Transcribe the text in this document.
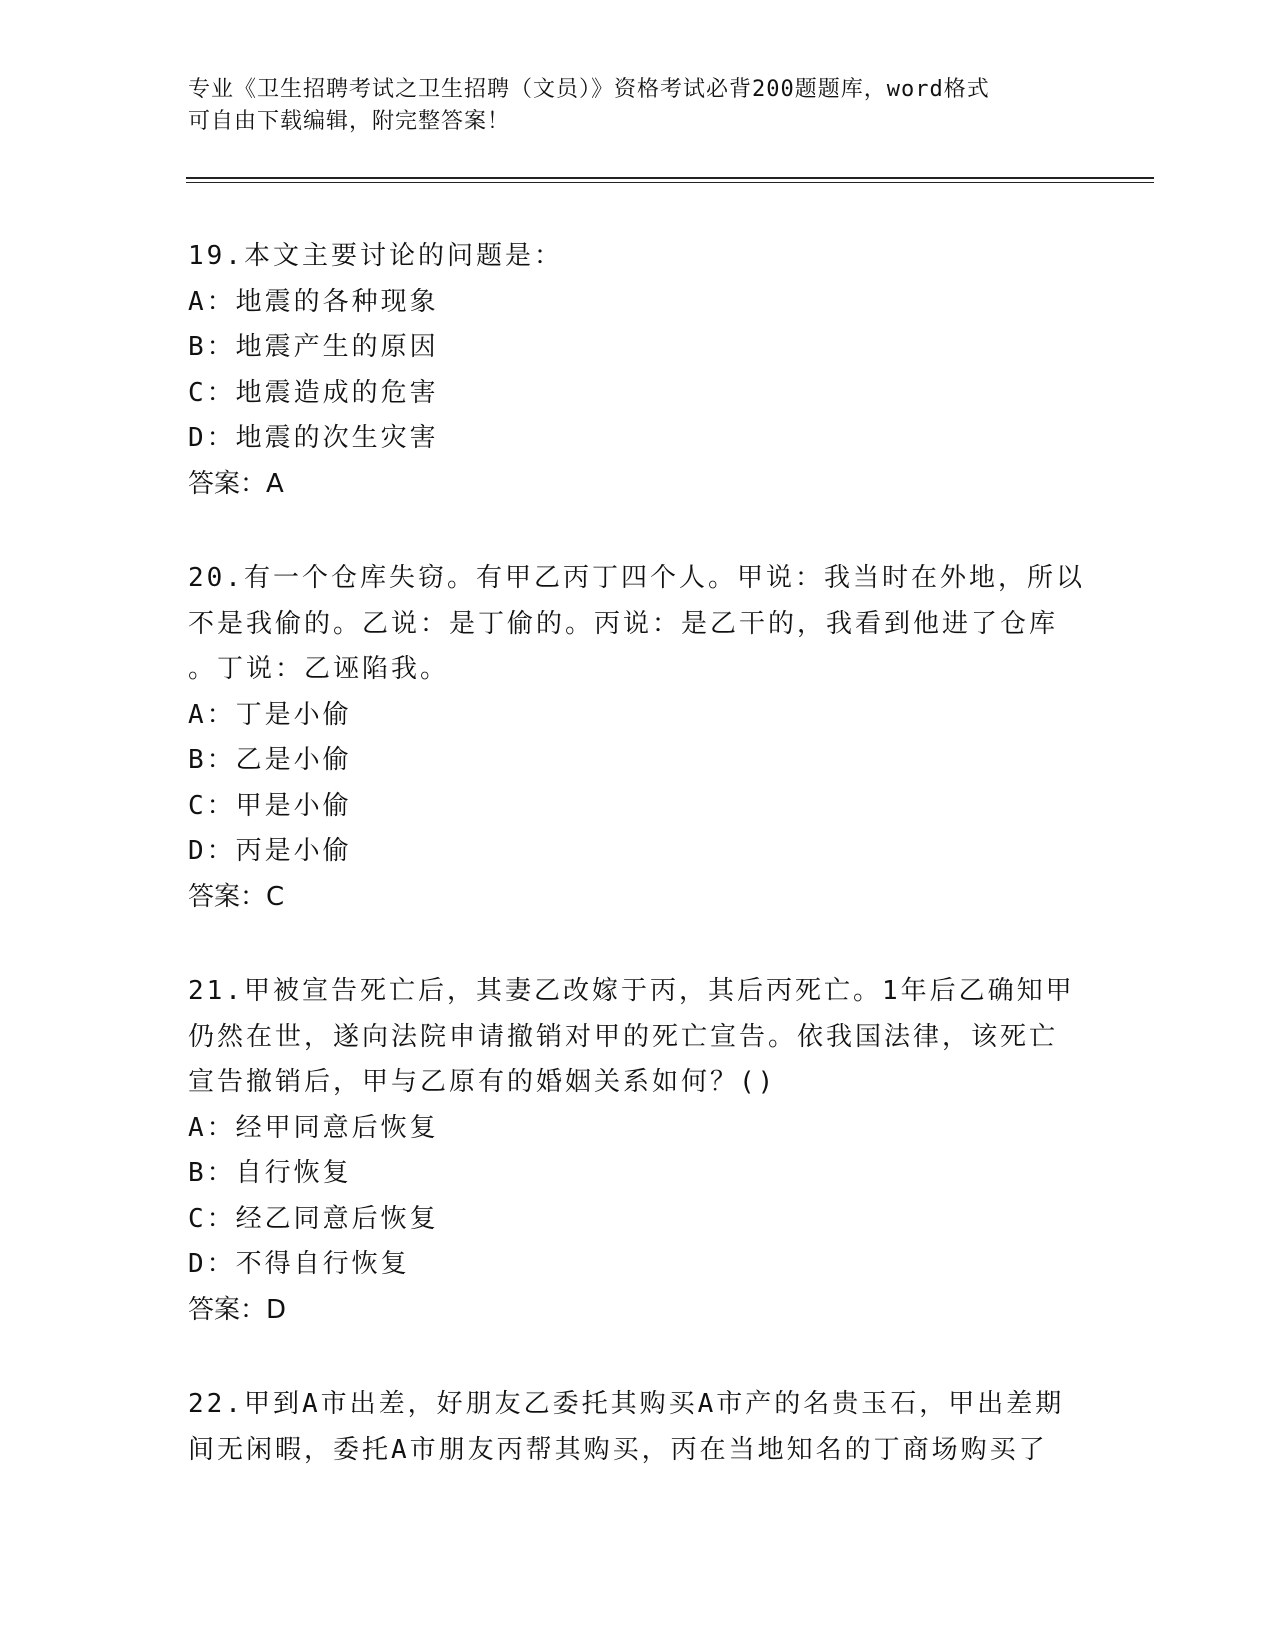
专业《卫生招聘考试之卫生招聘（文员）》资格考试必背200题题库，word格式
可自由下载编辑，附完整答案！
19.本文主要讨论的问题是：
A：地震的各种现象
B：地震产生的原因
C：地震造成的危害
D：地震的次生灾害
答案：A
20.有一个仓库失窃。有甲乙丙丁四个人。甲说：我当时在外地，所以
不是我偷的。乙说：是丁偷的。丙说：是乙干的，我看到他进了仓库
。丁说：乙诬陷我。
A：丁是小偷
B：乙是小偷
C：甲是小偷
D：丙是小偷
答案：C
21.甲被宣告死亡后，其妻乙改嫁于丙，其后丙死亡。1年后乙确知甲
仍然在世，遂向法院申请撤销对甲的死亡宣告。依我国法律，该死亡
宣告撤销后，甲与乙原有的婚姻关系如何？()
A：经甲同意后恢复
B：自行恢复
C：经乙同意后恢复
D：不得自行恢复
答案：D
22.甲到A市出差，好朋友乙委托其购买A市产的名贵玉石，甲出差期
间无闲暇，委托A市朋友丙帮其购买，丙在当地知名的丁商场购买了
